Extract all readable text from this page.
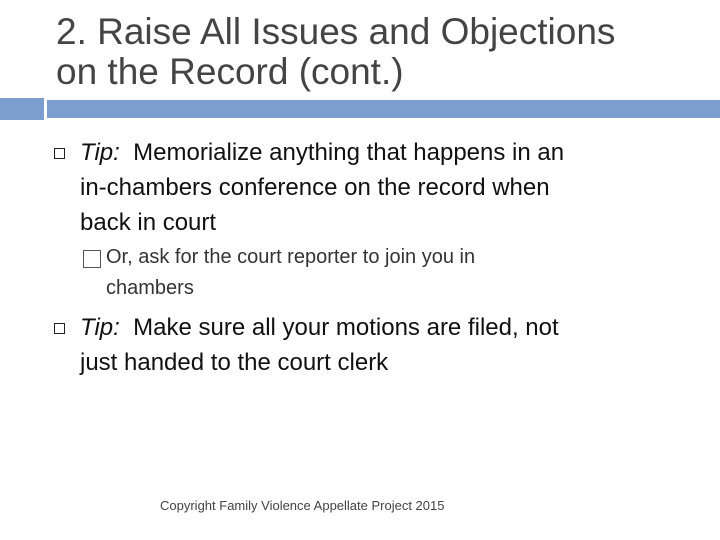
2. Raise All Issues and Objections
on the Record (cont.)
Tip: Memorialize anything that happens in an
in-chambers conference on the record when
back in court
Or, ask for the court reporter to join you in
chambers
Tip: Make sure all your motions are filed, not
just handed to the court clerk
Copyright Family Violence Appellate Project 2015
